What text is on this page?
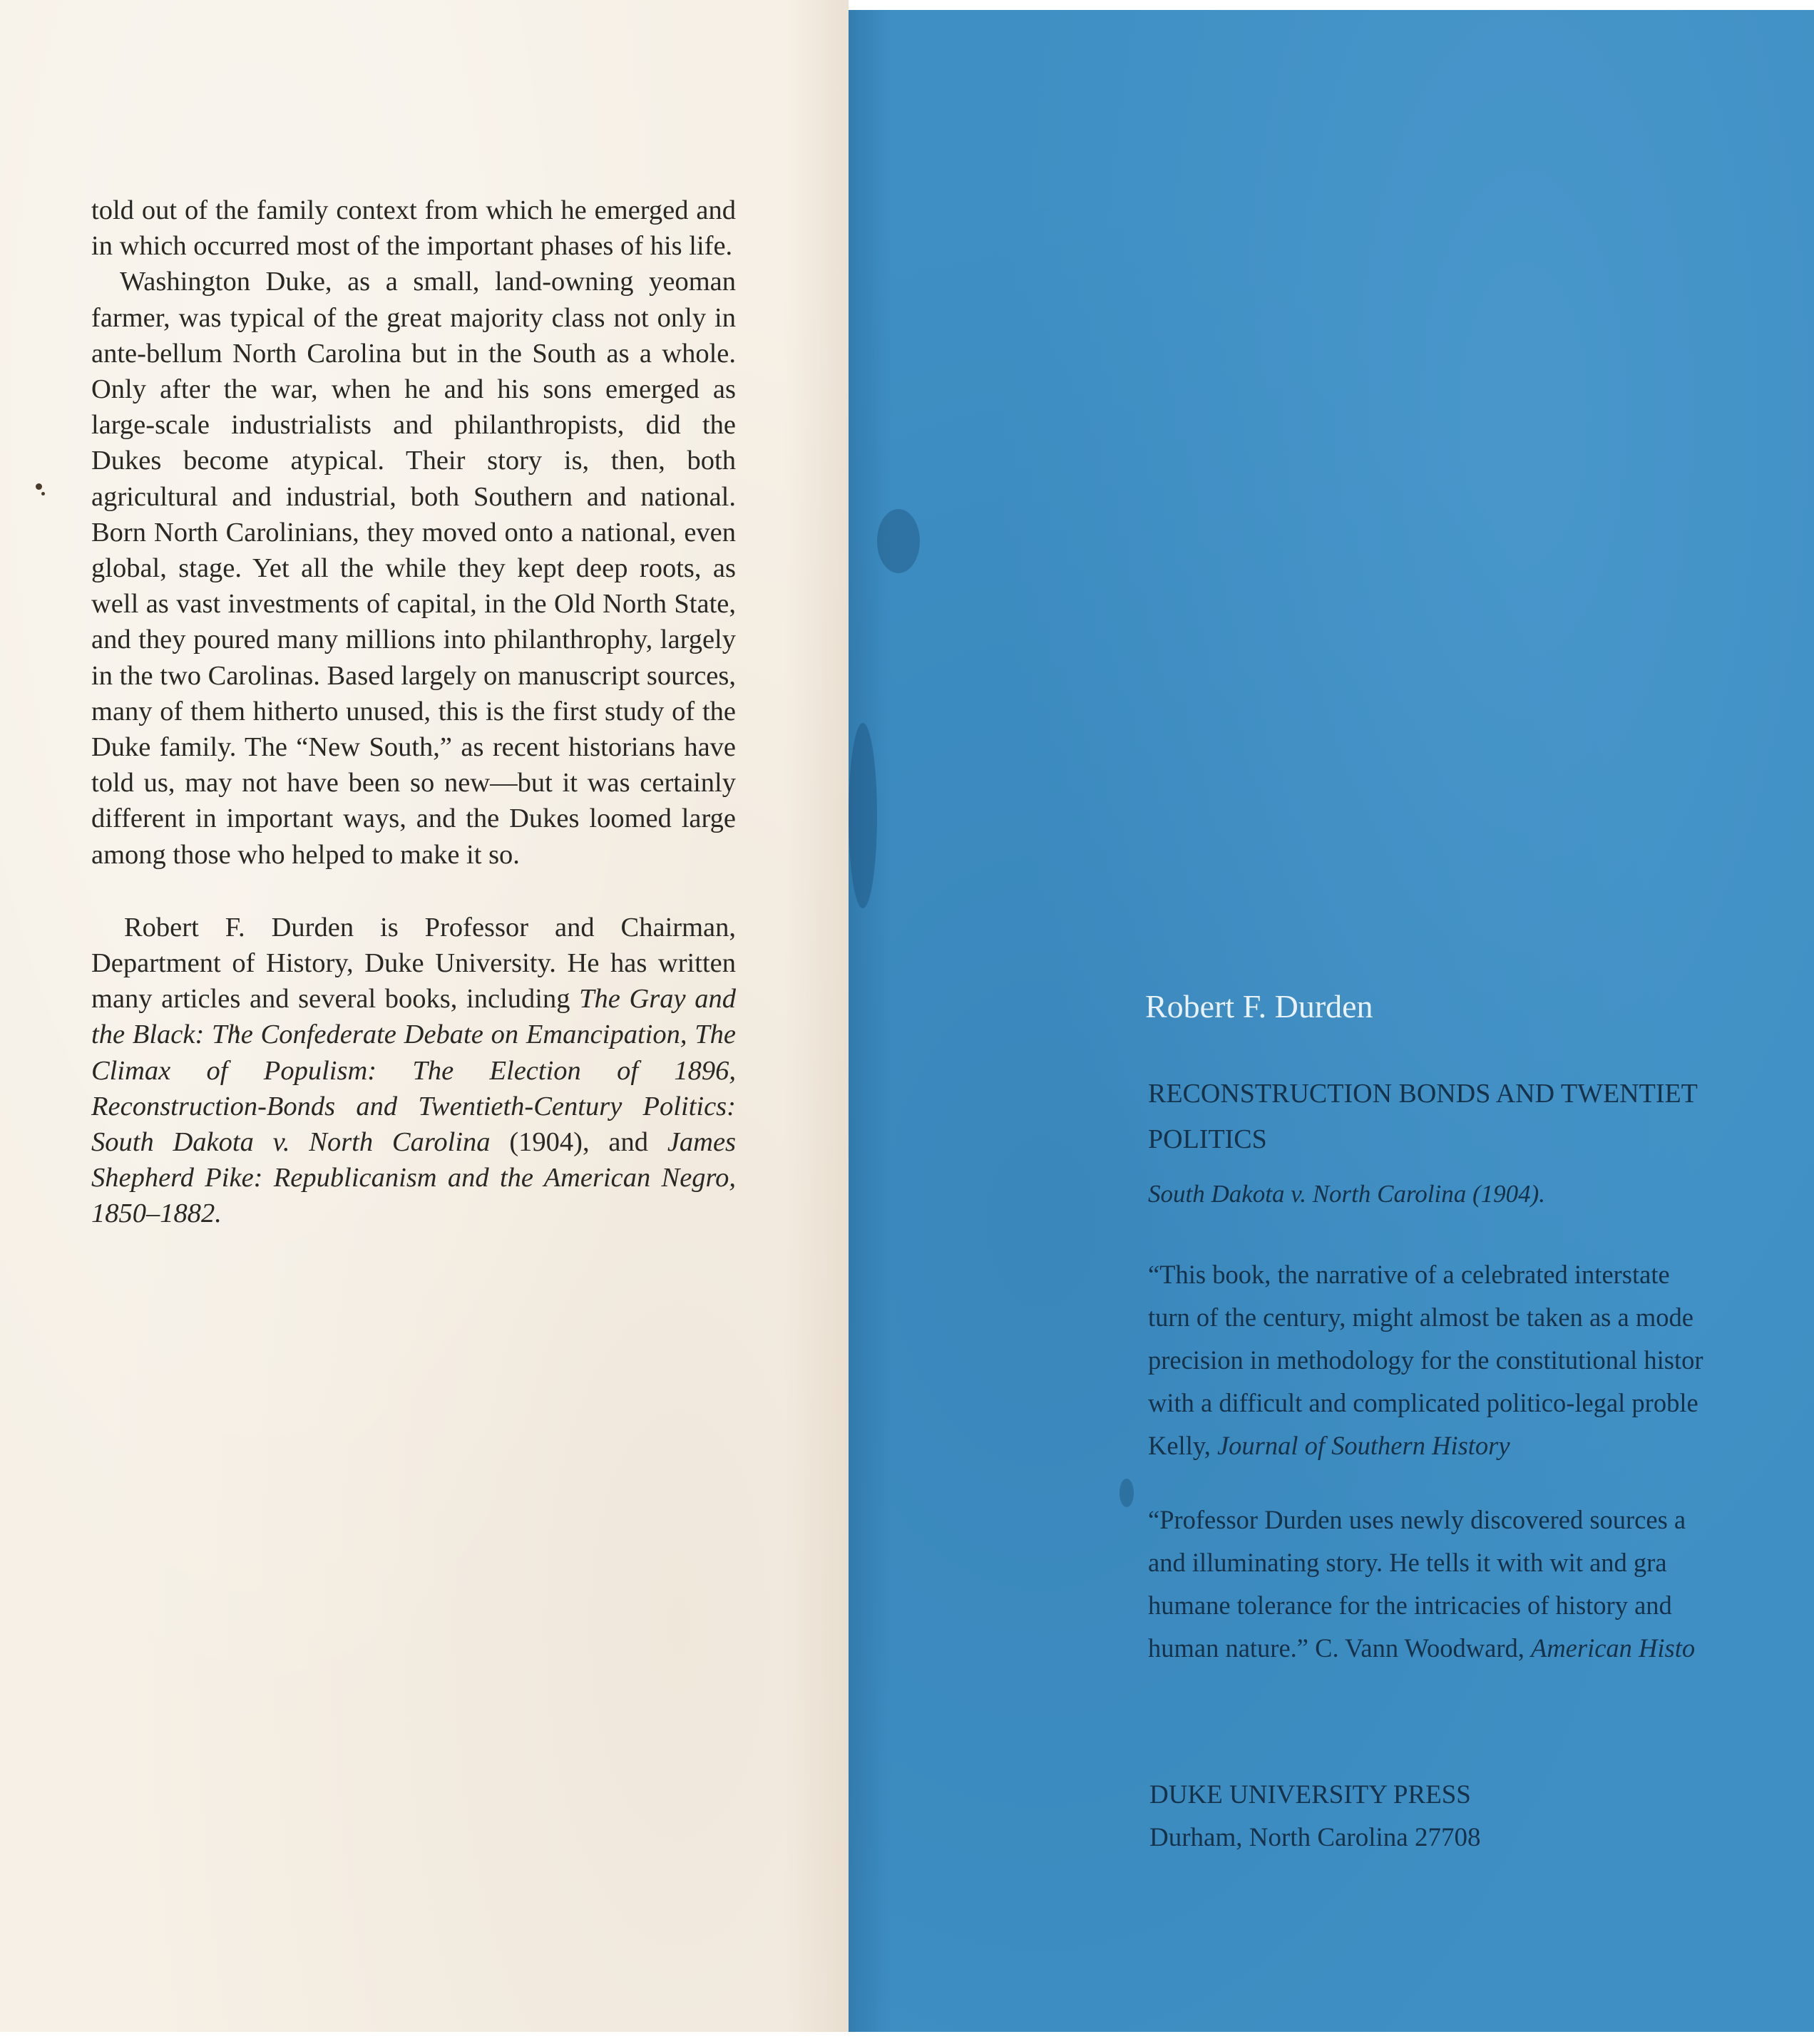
told out of the family context from which he emerged and in which occurred most of the important phases of his life.

Washington Duke, as a small, land-owning yeoman farmer, was typical of the great majority class not only in ante-bellum North Carolina but in the South as a whole. Only after the war, when he and his sons emerged as large-scale industrialists and philanthropists, did the Dukes become atypical. Their story is, then, both agricultural and industrial, both Southern and national. Born North Carolinians, they moved onto a national, even global, stage. Yet all the while they kept deep roots, as well as vast investments of capital, in the Old North State, and they poured many millions into philanthrophy, largely in the two Carolinas. Based largely on manuscript sources, many of them hitherto unused, this is the first study of the Duke family. The “New South,” as recent historians have told us, may not have been so new—but it was certainly different in important ways, and the Dukes loomed large among those who helped to make it so.

Robert F. Durden is Professor and Chairman, Department of History, Duke University. He has written many articles and several books, including The Gray and the Black: The Confederate Debate on Emancipation, The Climax of Populism: The Election of 1896, Reconstruction-Bonds and Twentieth-Century Politics: South Dakota v. North Carolina (1904), and James Shepherd Pike: Republicanism and the American Negro, 1850–1882.

Robert F. Durden
RECONSTRUCTION BONDS AND TWENTIET
POLITICS
South Dakota v. North Carolina (1904).
“This book, the narrative of a celebrated interstate
turn of the century, might almost be taken as a mode
precision in methodology for the constitutional histor
with a difficult and complicated politico-legal proble
Kelly, Journal of Southern History
“Professor Durden uses newly discovered sources a
and illuminating story. He tells it with wit and gra
humane tolerance for the intricacies of history and
human nature.” C. Vann Woodward, American Histo
DUKE UNIVERSITY PRESS
Durham, North Carolina 27708
